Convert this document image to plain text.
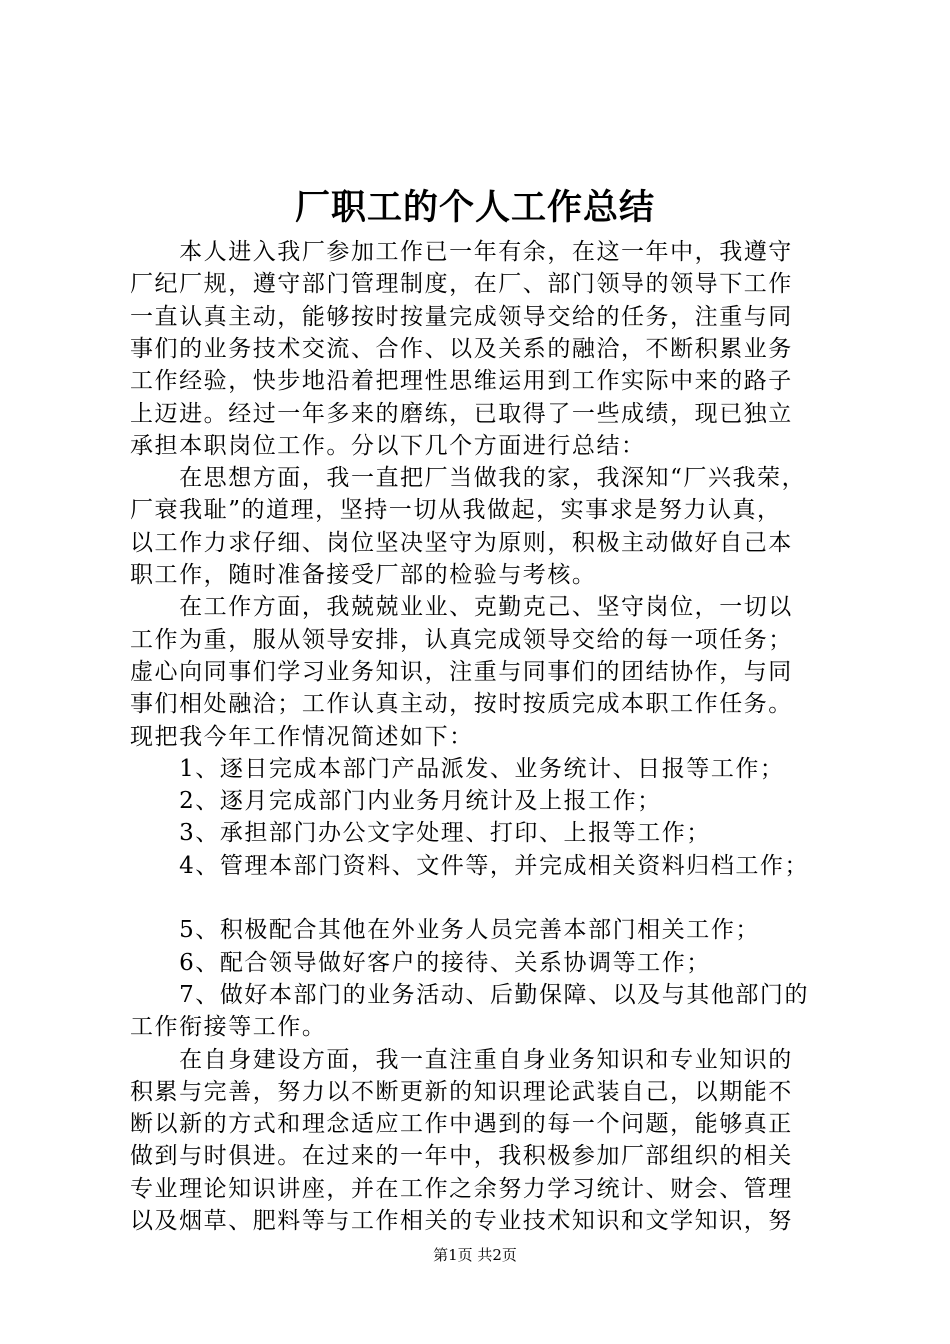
厂职工的个人工作总结
　　本人进入我厂参加工作已一年有余，在这一年中，我遵守
厂纪厂规，遵守部门管理制度，在厂、部门领导的领导下工作
一直认真主动，能够按时按量完成领导交给的任务，注重与同
事们的业务技术交流、合作、以及关系的融洽，不断积累业务
工作经验，快步地沿着把理性思维运用到工作实际中来的路子
上迈进。经过一年多来的磨练，已取得了一些成绩，现已独立
承担本职岗位工作。分以下几个方面进行总结：
　　在思想方面，我一直把厂当做我的家，我深知“厂兴我荣，
厂衰我耻”的道理，坚持一切从我做起，实事求是努力认真，
以工作力求仔细、岗位坚决坚守为原则，积极主动做好自己本
职工作，随时准备接受厂部的检验与考核。
　　在工作方面，我兢兢业业、克勤克己、坚守岗位，一切以
工作为重，服从领导安排，认真完成领导交给的每一项任务；
虚心向同事们学习业务知识，注重与同事们的团结协作，与同
事们相处融洽；工作认真主动，按时按质完成本职工作任务。
现把我今年工作情况简述如下：
　　1、逐日完成本部门产品派发、业务统计、日报等工作；
　　2、逐月完成部门内业务月统计及上报工作；
　　3、承担部门办公文字处理、打印、上报等工作；
　　4、管理本部门资料、文件等，并完成相关资料归档工作；
　　5、积极配合其他在外业务人员完善本部门相关工作；
　　6、配合领导做好客户的接待、关系协调等工作；
　　7、做好本部门的业务活动、后勤保障、以及与其他部门的
工作衔接等工作。
　　在自身建设方面，我一直注重自身业务知识和专业知识的
积累与完善，努力以不断更新的知识理论武装自己，以期能不
断以新的方式和理念适应工作中遇到的每一个问题，能够真正
做到与时俱进。在过来的一年中，我积极参加厂部组织的相关
专业理论知识讲座，并在工作之余努力学习统计、财会、管理
以及烟草、肥料等与工作相关的专业技术知识和文学知识，努
第1页 共2页
